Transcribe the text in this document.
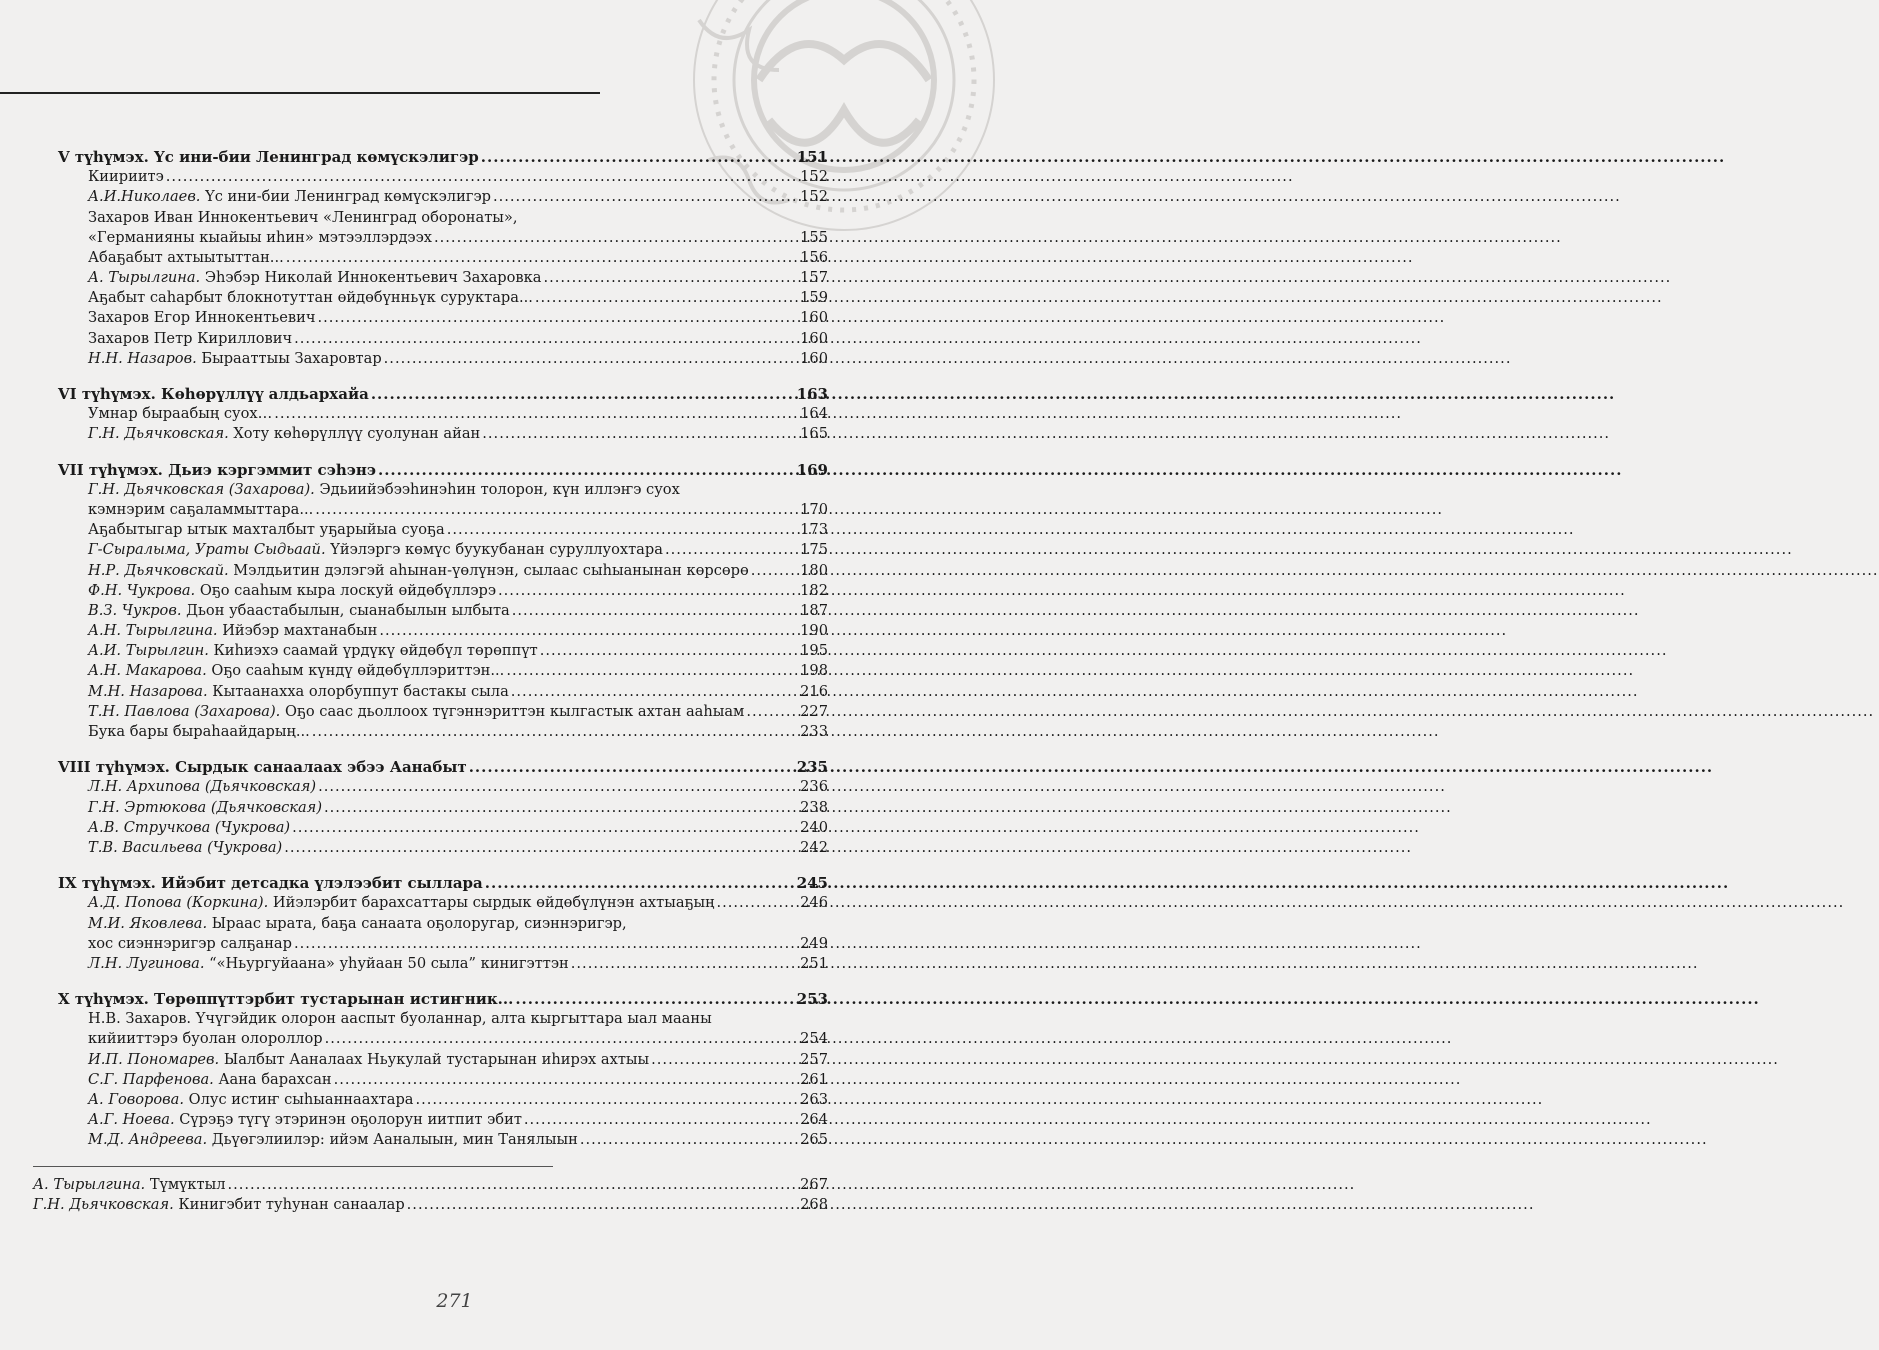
V түһүмэх. Үс ини-бии Ленинград көмүскэлигэр .....	151
Киириитэ .....	152
А.И.Николаев. Үс ини-бии Ленинград көмүскэлигэр .....	152
Захаров Иван Иннокентьевич «Ленинград оборонаты»,
«Германияны кыайыы иһин» мэтээллэрдээх .....	155
Абаҕабыт ахтыытыттан... .....	156
А. Тырылгина. Эһэбэр Николай Иннокентьевич Захаровка .....	157
Аҕабыт саһарбыт блокнотуттан өйдөбүнньүк суруктара... .....	159
Захаров Егор Иннокентьевич .....	160
Захаров Петр Кириллович .....	160
Н.Н. Назаров. Бырааттыы Захаровтар .....	160
VI түһүмэх. Көһөрүллүү алдьархайа .....	163
Умнар быраабың суох… .....	164
Г.Н. Дьячковская. Хоту көһөрүллүү суолунан айан .....	165
VII түһүмэх. Дьиэ кэргэммит сэһэнэ .....	169
Г.Н. Дьячковская (Захарова). Эдьиийэбээһинэһин толорон, күн иллэҥэ суох
кэмнэрим саҕаламмыттара... .....	170
Аҕабытыгар ытык махталбыт уҕарыйыа суоҕа .....	173
Г-Сыралыма, Ураты Сыдьаай. Үйэлэргэ көмүс буукубанан суруллуохтара .....	175
Н.Р. Дьячковскай. Мэлдьитин дэлэгэй аһынан-үөлүнэн, сылаас сыһыанынан көрсөрө .....	180
Ф.Н. Чукрова. Оҕо сааһым кыра лоскуй өйдөбүллэрэ .....	182
В.З. Чукров. Дьон убаастабылын, сыанабылын ылбыта .....	187
А.Н. Тырылгина. Ийэбэр махтанабын .....	190
А.И. Тырылгин. Киһиэхэ саамай үрдүкү өйдөбүл төрөппүт .....	195
А.Н. Макарова. Оҕо сааһым күндү өйдөбүллэриттэн... .....	198
М.Н. Назарова. Кытаанахха олорбуппут бастакы сыла .....	216
Т.Н. Павлова (Захарова). Оҕо саас дьоллоох түгэннэриттэн кылгастык ахтан ааһыам .....	227
Бука бары быраһаайдарың... .....	233
VIII түһүмэх. Сырдык санаалаах эбээ Аанабыт .....	235
Л.Н. Архипова (Дьячковская) .....	236
Г.Н. Эртюкова (Дьячковская) .....	238
А.В. Стручкова (Чукрова) .....	240
Т.В. Васильева (Чукрова) .....	242
IX түһүмэх. Ийэбит детсадка үлэлээбит сыллара .....	245
А.Д. Попова (Коркина). Ийэлэрбит барахсаттары сырдык өйдөбүлүнэн ахтыаҕың .....	246
М.И. Яковлева. Ыраас ырата, баҕа санаата оҕолоругар, сиэннэригэр,
хос сиэннэригэр салҕанар .....	249
Л.Н. Лугинова. “«Ньургуйаана» уһуйаан 50 сыла” кинигэттэн .....	251
X түһүмэх. Төрөппүттэрбит тустарынан истиҥник... .....	253
Н.В. Захаров. Үчүгэйдик олорон ааспыт буоланнар, алта кыргыттара ыал мааны
кийииттэрэ буолан олороллор .....	254
И.П. Пономарев. Ыалбыт Ааналаах Ньукулай тустарынан иһирэх ахтыы .....	257
С.Г. Парфенова. Аана барахсан .....	261
А. Говорова. Олус истиҥ сыһыаннаахтара .....	263
А.Г. Ноева. Сүрэҕэ түгү этэринэн оҕолорун иитпит эбит .....	264
М.Д. Андреева. Дьүөгэлиилэр: ийэм Ааналыын, мин Танялыын .....	265
А. Тырылгина. Түмүктыл .....	267
Г.Н. Дьячковская. Кинигэбит туһунан санаалар .....	268
271
